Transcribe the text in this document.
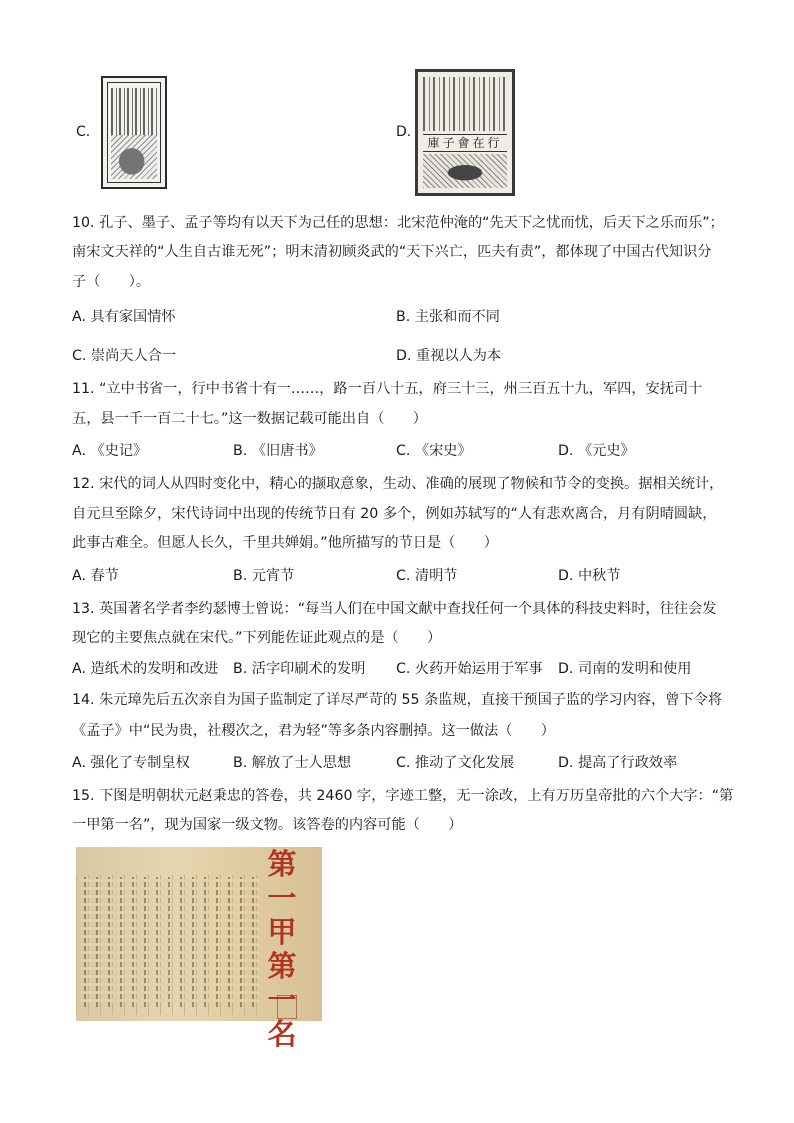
C.	D.
庫子會在行
10. 孔子、墨子、孟子等均有以天下为己任的思想：北宋范仲淹的“先天下之忧而忧，后天下之乐而乐”；
南宋文天祥的“人生自古谁无死”；明末清初顾炎武的“天下兴亡，匹夫有责”，都体现了中国古代知识分
子（　　）。
A. 具有家国情怀	B. 主张和而不同
C. 崇尚天人合一	D. 重视以人为本
11. “立中书省一，行中书省十有一……，路一百八十五，府三十三，州三百五十九，军四，安抚司十
五，县一千一百二十七。”这一数据记载可能出自（　　）
A. 《史记》	B. 《旧唐书》	C. 《宋史》	D. 《元史》
12. 宋代的词人从四时变化中，精心的撷取意象，生动、准确的展现了物候和节令的变换。据相关统计，
自元旦至除夕，宋代诗词中出现的传统节日有 20 多个，例如苏轼写的“人有悲欢离合，月有阴晴圆缺，
此事古难全。但愿人长久，千里共婵娟。”他所描写的节日是（　　）
A. 春节	B. 元宵节	C. 清明节	D. 中秋节
13. 英国著名学者李约瑟博士曾说：“每当人们在中国文献中查找任何一个具体的科技史料时，往往会发
现它的主要焦点就在宋代。”下列能佐证此观点的是（　　）
A. 造纸术的发明和改进 B. 活字印刷术的发明 C. 火药开始运用于军事 D. 司南的发明和使用
14. 朱元璋先后五次亲自为国子监制定了详尽严苛的 55 条监规，直接干预国子监的学习内容，曾下令将
《孟子》中“民为贵，社稷次之，君为轻”等多条内容删掉。这一做法（　　）
A. 强化了专制皇权	B. 解放了士人思想	C. 推动了文化发展	D. 提高了行政效率
15. 下图是明朝状元赵秉忠的答卷，共 2460 字，字迹工整，无一涂改，上有万历皇帝批的六个大字：“第
一甲第一名”，现为国家一级文物。该答卷的内容可能（　　）
第一甲第一名
